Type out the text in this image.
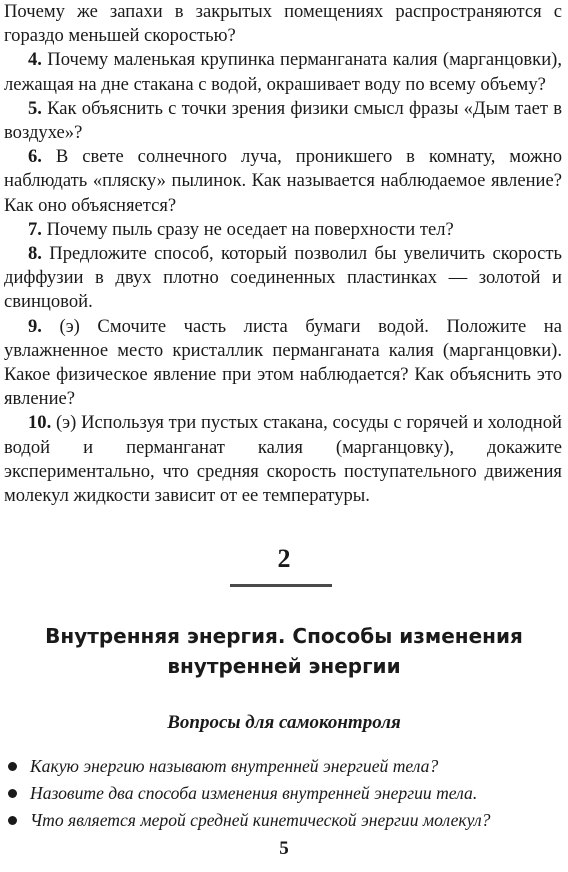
Почему же запахи в закрытых помещениях распространяются с гораздо меньшей скоростью?

4. Почему маленькая крупинка перманганата калия (марганцовки), лежащая на дне стакана с водой, окрашивает воду по всему объему?

5. Как объяснить с точки зрения физики смысл фразы «Дым тает в воздухе»?

6. В свете солнечного луча, проникшего в комнату, можно наблюдать «пляску» пылинок. Как называется наблюдаемое явление? Как оно объясняется?

7. Почему пыль сразу не оседает на поверхности тел?

8. Предложите способ, который позволил бы увеличить скорость диффузии в двух плотно соединенных пластинках — золотой и свинцовой.

9. (э) Смочите часть листа бумаги водой. Положите на увлажненное место кристаллик перманганата калия (марганцовки). Какое физическое явление при этом наблюдается? Как объяснить это явление?

10. (э) Используя три пустых стакана, сосуды с горячей и холодной водой и перманганат калия (марганцовку), докажите экспериментально, что средняя скорость поступательного движения молекул жидкости зависит от ее температуры.

2
Внутренняя энергия. Способы изменения
внутренней энергии
Вопросы для самоконтроля
Какую энергию называют внутренней энергией тела?
Назовите два способа изменения внутренней энергии тела.
Что является мерой средней кинетической энергии молекул?
5
